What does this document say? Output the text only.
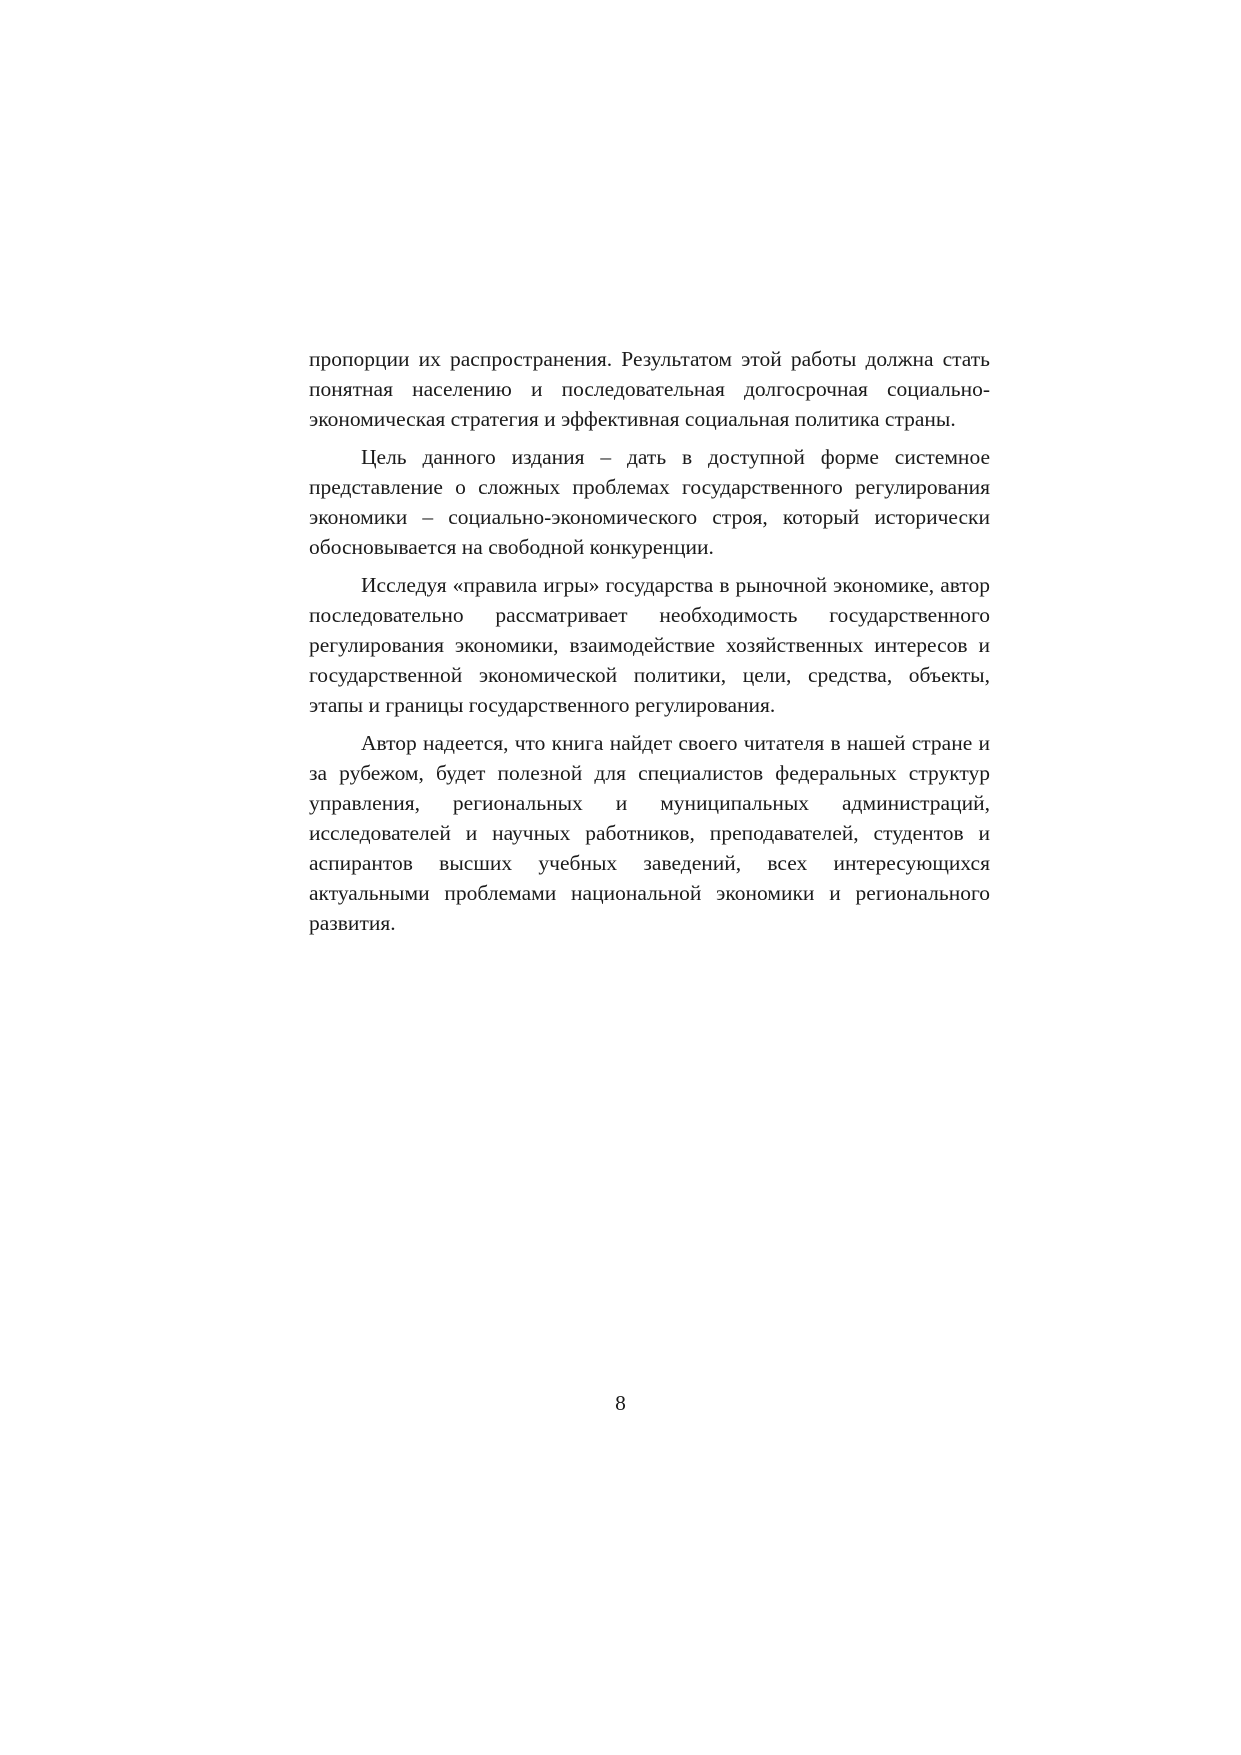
пропорции их распространения. Результатом этой работы должна стать понятная населению и последовательная долгосрочная социально-экономическая стратегия и эффективная социальная политика страны.

Цель данного издания – дать в доступной форме системное представление о сложных проблемах государственного регулирования экономики – социально-экономического строя, который исторически обосновывается на свободной конкуренции.

Исследуя «правила игры» государства в рыночной экономике, автор последовательно рассматривает необходимость государственного регулирования экономики, взаимодействие хозяйственных интересов и государственной экономической политики, цели, средства, объекты, этапы и границы государственного регулирования.

Автор надеется, что книга найдет своего читателя в нашей стране и за рубежом, будет полезной для специалистов федеральных структур управления, региональных и муниципальных администраций, исследователей и научных работников, преподавателей, студентов и аспирантов высших учебных заведений, всех интересующихся актуальными проблемами национальной экономики и регионального развития.

8
